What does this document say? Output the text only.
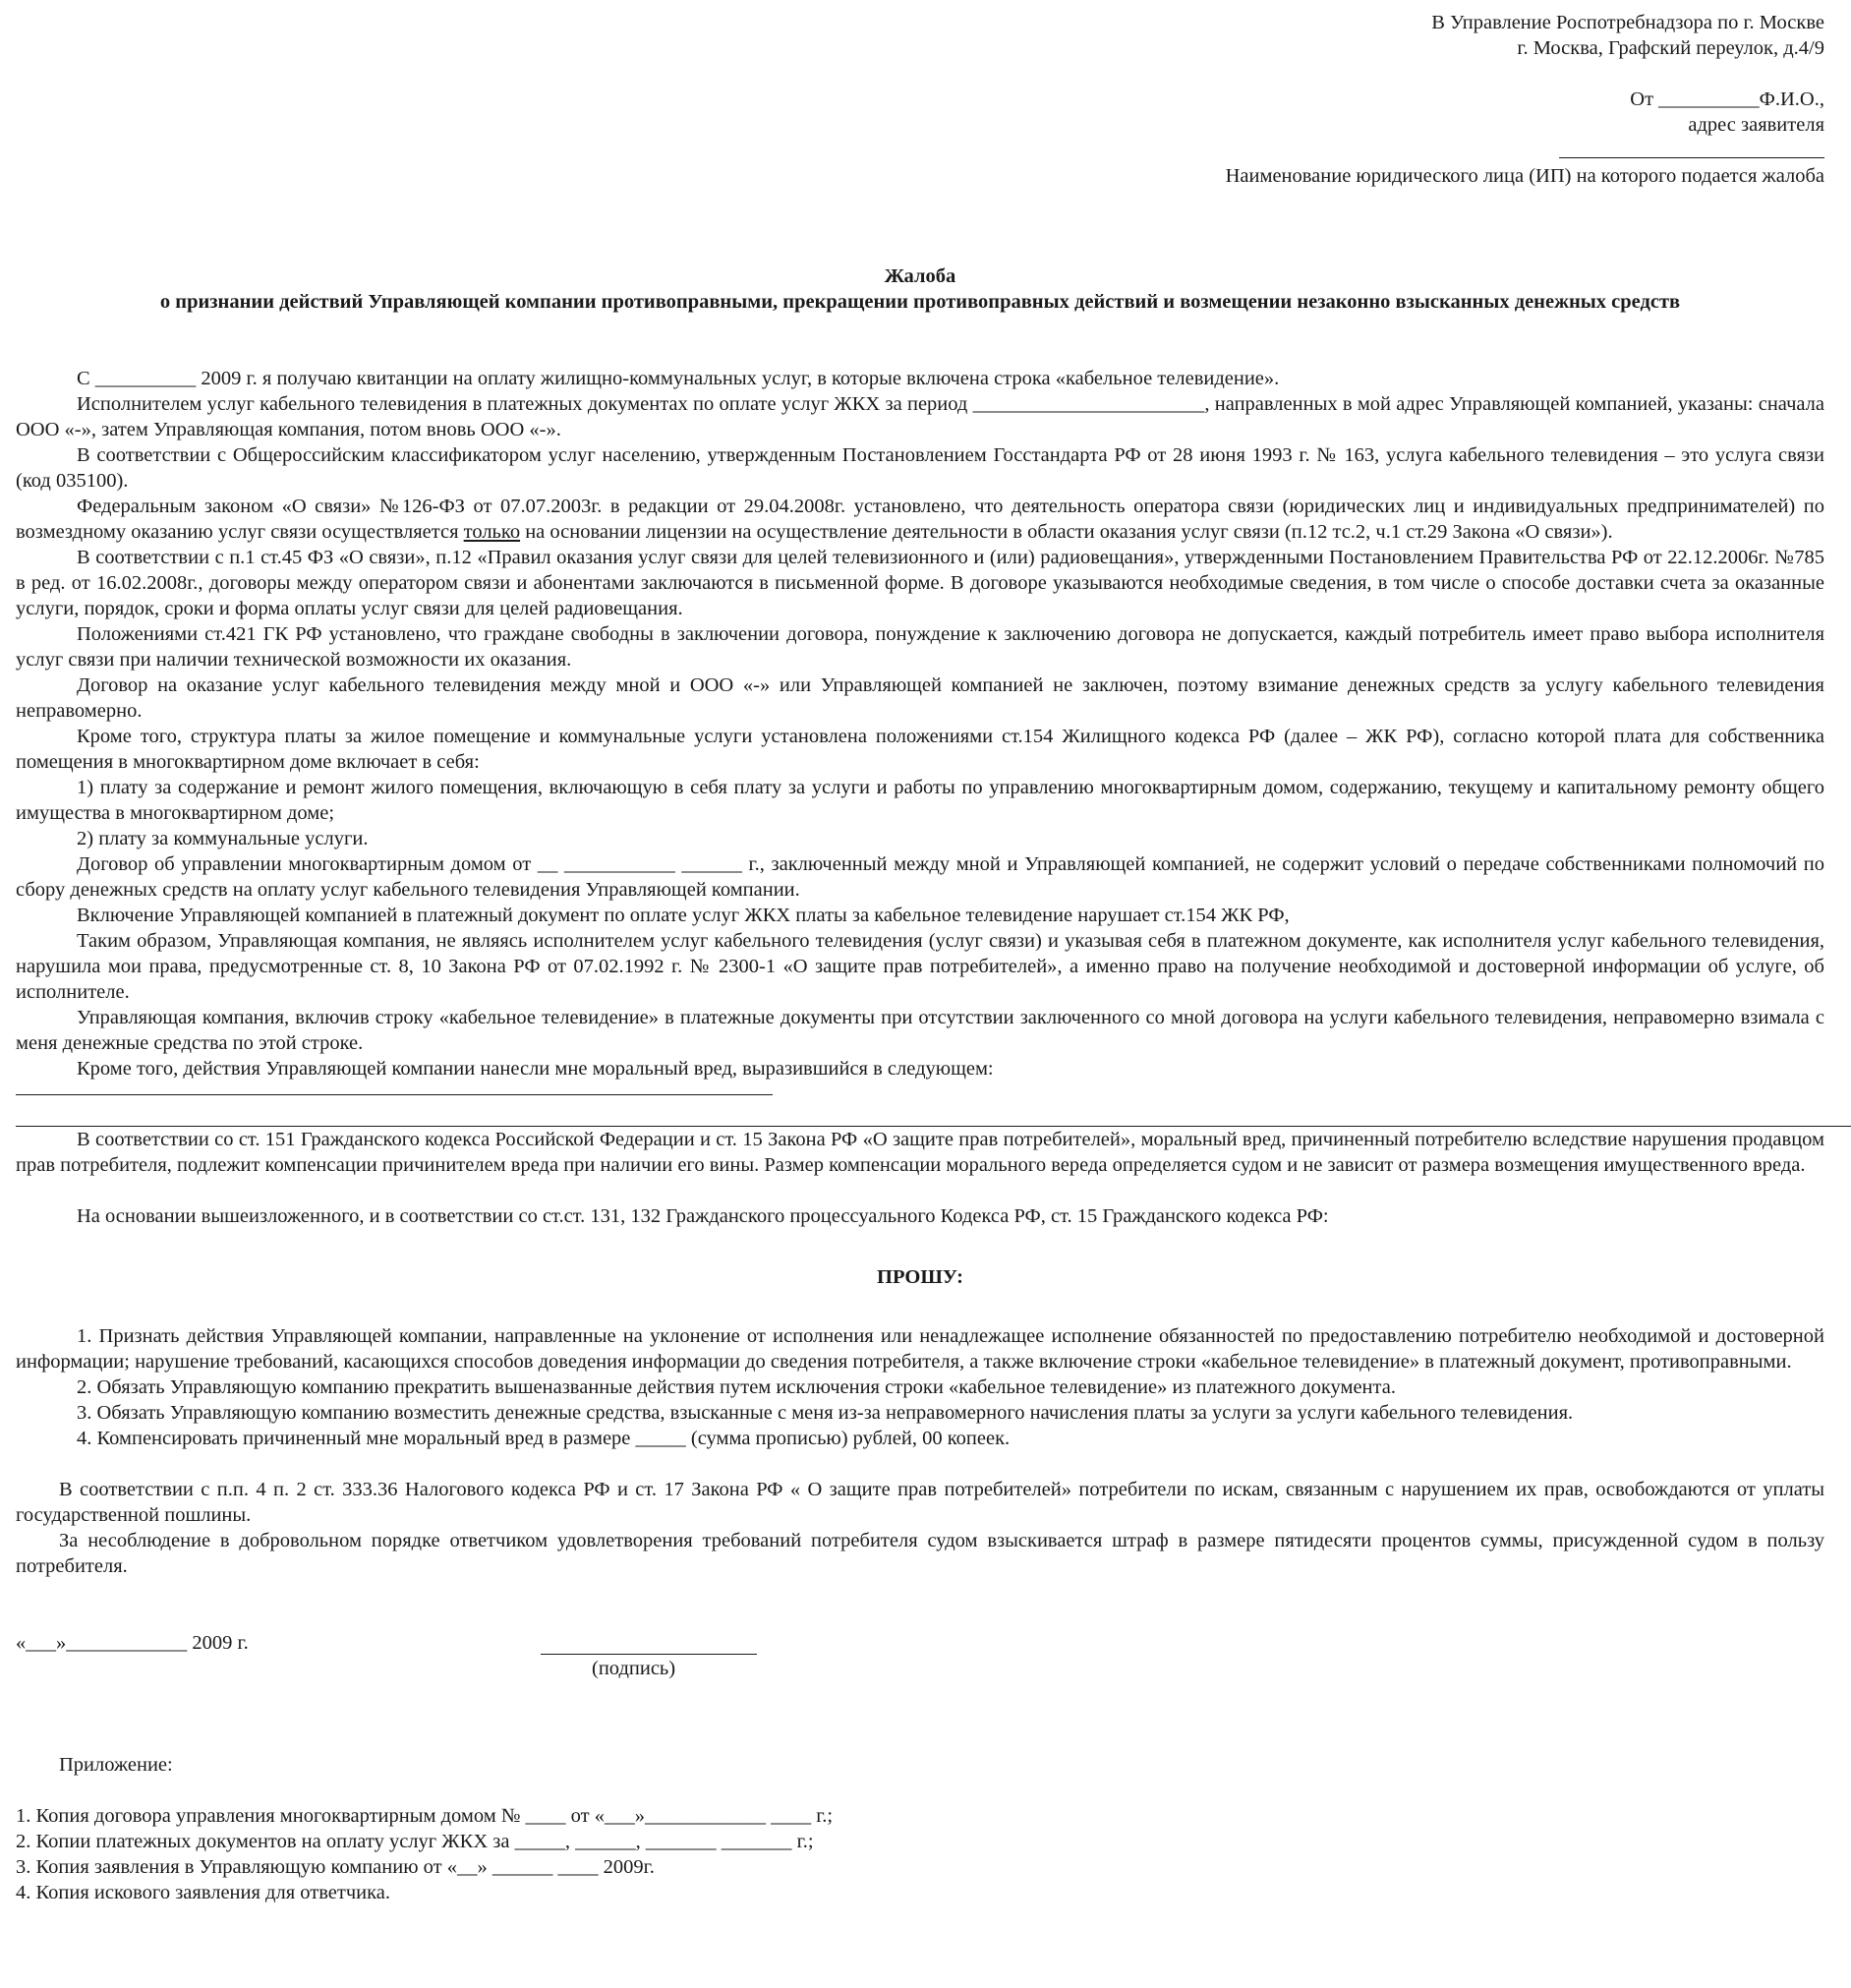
В Управление Роспотребнадзора по г. Москве
г. Москва, Графский переулок, д.4/9
От __________Ф.И.О.,
адрес заявителя
Наименование юридического лица (ИП) на которого подается жалоба
Жалоба
о признании действий Управляющей компании противоправными, прекращении противоправных действий и возмещении незаконно взысканных денежных средств

С __________ 2009 г. я получаю квитанции на оплату жилищно-коммунальных услуг, в которые включена строка «кабельное телевидение».

Исполнителем услуг кабельного телевидения в платежных документах по оплате услуг ЖКХ за период _______________________, направленных в мой адрес Управляющей компанией, указаны: сначала ООО «-», затем Управляющая компания, потом вновь ООО «-».

В соответствии с Общероссийским классификатором услуг населению, утвержденным Постановлением Госстандарта РФ от 28 июня 1993 г. № 163, услуга кабельного телевидения – это услуга связи (код 035100).

Федеральным законом «О связи» №126-ФЗ от 07.07.2003г. в редакции от 29.04.2008г. установлено, что деятельность оператора связи (юридических лиц и индивидуальных предпринимателей) по возмездному оказанию услуг связи осуществляется только на основании лицензии на осуществление деятельности в области оказания услуг связи (п.12 тс.2, ч.1 ст.29 Закона «О связи»).

В соответствии с п.1 ст.45 ФЗ «О связи», п.12 «Правил оказания услуг связи для целей телевизионного и (или) радиовещания», утвержденными Постановлением Правительства РФ от 22.12.2006г. №785 в ред. от 16.02.2008г., договоры между оператором связи и абонентами заключаются в письменной форме. В договоре указываются необходимые сведения, в том числе о способе доставки счета за оказанные услуги, порядок, сроки и форма оплаты услуг связи для целей радиовещания.

Положениями ст.421 ГК РФ установлено, что граждане свободны в заключении договора, понуждение к заключению договора не допускается, каждый потребитель имеет право выбора исполнителя услуг связи при наличии технической возможности их оказания.

Договор на оказание услуг кабельного телевидения между мной и ООО «-» или Управляющей компанией не заключен, поэтому взимание денежных средств за услугу кабельного телевидения неправомерно.

Кроме того, структура платы за жилое помещение и коммунальные услуги установлена положениями ст.154 Жилищного кодекса РФ (далее – ЖК РФ), согласно которой плата для собственника помещения в многоквартирном доме включает в себя:

1) плату за содержание и ремонт жилого помещения, включающую в себя плату за услуги и работы по управлению многоквартирным домом, содержанию, текущему и капитальному ремонту общего имущества в многоквартирном доме;

2) плату за коммунальные услуги.

Договор об управлении многоквартирным домом от __ ___________ ______ г., заключенный между мной и Управляющей компанией, не содержит условий о передаче собственниками полномочий по сбору денежных средств на оплату услуг кабельного телевидения Управляющей компании.

Включение Управляющей компанией в платежный документ по оплате услуг ЖКХ платы за кабельное телевидение нарушает ст.154 ЖК РФ,

Таким образом, Управляющая компания, не являясь исполнителем услуг кабельного телевидения (услуг связи) и указывая себя в платежном документе, как исполнителя услуг кабельного телевидения, нарушила мои права, предусмотренные ст. 8, 10 Закона РФ от 07.02.1992 г. № 2300-1 «О защите прав потребителей», а именно право на получение необходимой и достоверной информации об услуге, об исполнителе.

Управляющая компания, включив строку «кабельное телевидение» в платежные документы при отсутствии заключенного со мной договора на услуги кабельного телевидения, неправомерно взимала с меня денежные средства по этой строке.

Кроме того, действия Управляющей компании нанесли мне моральный вред, выразившийся в следующем:

В соответствии со ст. 151 Гражданского кодекса Российской Федерации и ст. 15 Закона РФ «О защите прав потребителей», моральный вред, причиненный потребителю вследствие нарушения продавцом прав потребителя, подлежит компенсации причинителем вреда при наличии его вины. Размер компенсации морального вереда определяется судом и не зависит от размера возмещения имущественного вреда.

На основании вышеизложенного, и в соответствии со ст.ст. 131, 132 Гражданского процессуального Кодекса РФ, ст. 15 Гражданского кодекса РФ:

ПРОШУ:

1. Признать действия Управляющей компании, направленные на уклонение от исполнения или ненадлежащее исполнение обязанностей по предоставлению потребителю необходимой и достоверной информации; нарушение требований, касающихся способов доведения информации до сведения потребителя, а также включение строки «кабельное телевидение» в платежный документ, противоправными.

2. Обязать Управляющую компанию прекратить вышеназванные действия путем исключения строки «кабельное телевидение» из платежного документа.

3. Обязать Управляющую компанию возместить денежные средства, взысканные с меня из-за неправомерного начисления платы за услуги за услуги кабельного телевидения.

4. Компенсировать причиненный мне моральный вред в размере _____ (сумма прописью) рублей, 00 копеек.

В соответствии с п.п. 4 п. 2 ст. 333.36 Налогового кодекса РФ и ст. 17 Закона РФ « О защите прав потребителей» потребители по искам, связанным с нарушением их прав, освобождаются от уплаты государственной пошлины.

За несоблюдение в добровольном порядке ответчиком удовлетворения требований потребителя судом взыскивается штраф в размере пятидесяти процентов суммы, присужденной судом в пользу потребителя.

«___»____________ 2009 г.
(подпись)
Приложение:
1. Копия договора управления многоквартирным домом № ____ от «___»____________ ____ г.;
2. Копии платежных документов на оплату услуг ЖКХ за _____, ______, _______ _______ г.;
3. Копия заявления в Управляющую компанию от «__» ______ ____ 2009г.
4. Копия искового заявления для ответчика.
